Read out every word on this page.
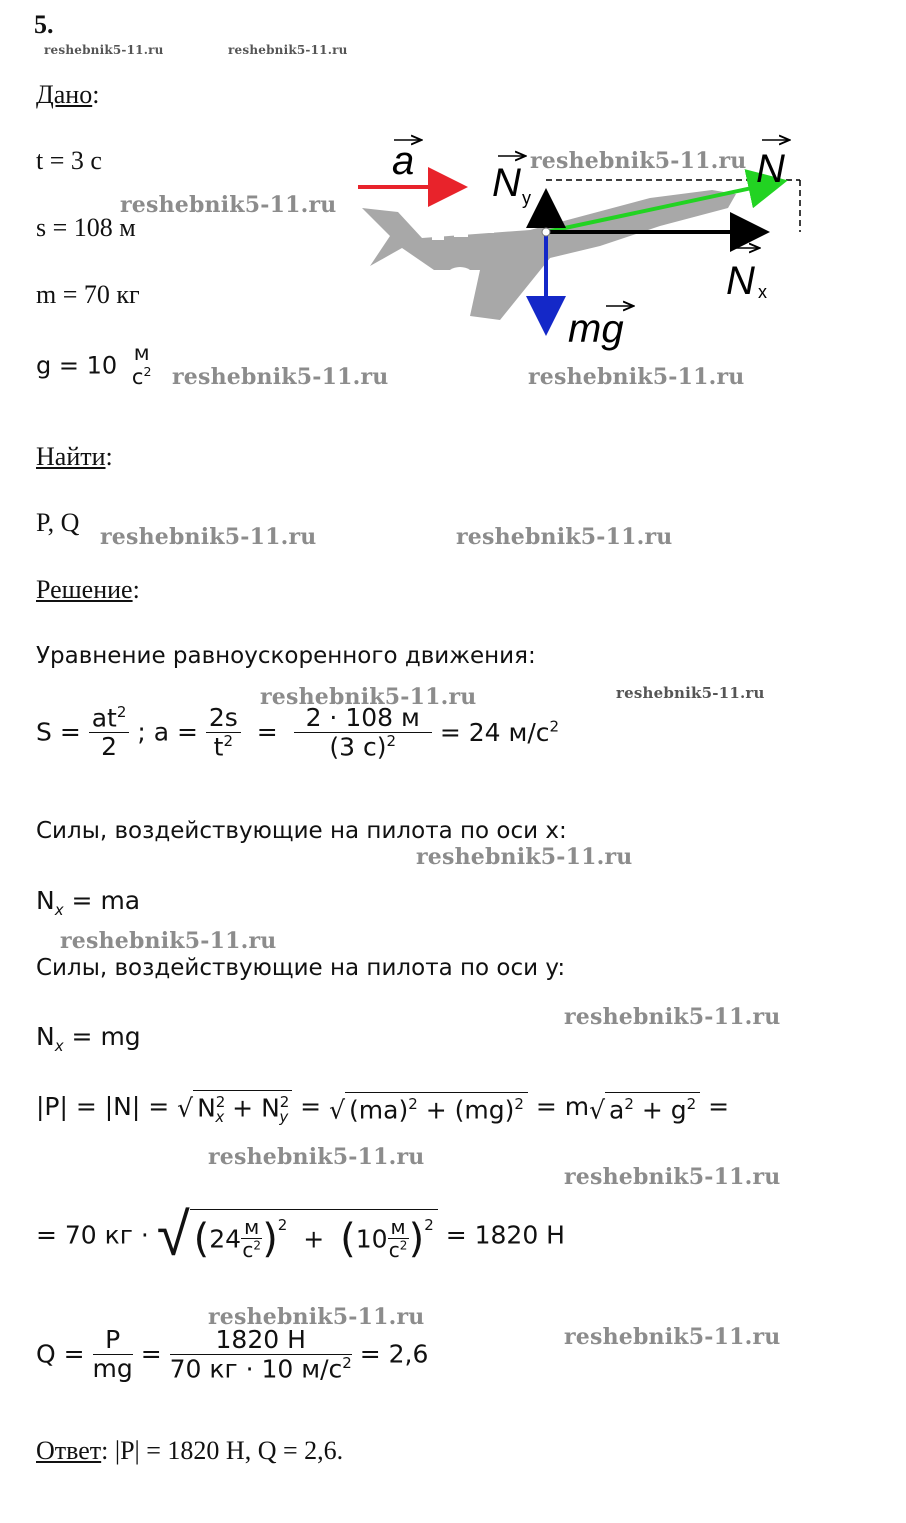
5.
reshebnik5-11.ru	reshebnik5-11.ru
Дано:
t = 3 с
s = 108 м
m = 70 кг
g = 10 м
$с^2$
reshebnik5-11.ru
reshebnik5-11.ru	reshebnik5-11.ru
reshebnik5-11.ru
a	N
N y
N x
mg
Найти:
P, Q reshebnik5-11.ru	reshebnik5-11.ru
Решение:
Уравнение равноускоренного движения:
reshebnik5-11.ru	reshebnik5-11.ru
$S = \frac{at^2}{2}$ ; $a = \frac{2s}{t^2} = \frac{2 \cdot 108 м}{(3 с)^2} = 24$ $м/с^2$
Силы, воздействующие на пилота по оси x:
reshebnik5-11.ru
$N_x$ = ma
reshebnik5-11.ru
Силы, воздействующие на пилота по оси y:
reshebnik5-11.ru
$N_x$ = mg
|P| = |N| = √ $N^2_x + N^2_y$ = √ (ma)$^2$ + (mg)$^2$ = m√ $a^2 + g^2$ =
reshebnik5-11.ru
reshebnik5-11.ru
= 70 кг · √ $(24 \frac{м}{с^2} )^2 + (10 \frac{м}{с^2} )^2 = 1820$ Н
reshebnik5-11.ru
reshebnik5-11.ru
$Q = \frac{P}{mg} = \frac{1820 Н}{70 кг \cdot 10 м/с^2} = 2,6$
Ответ: |P| = 1820 Н, Q = 2,6.
